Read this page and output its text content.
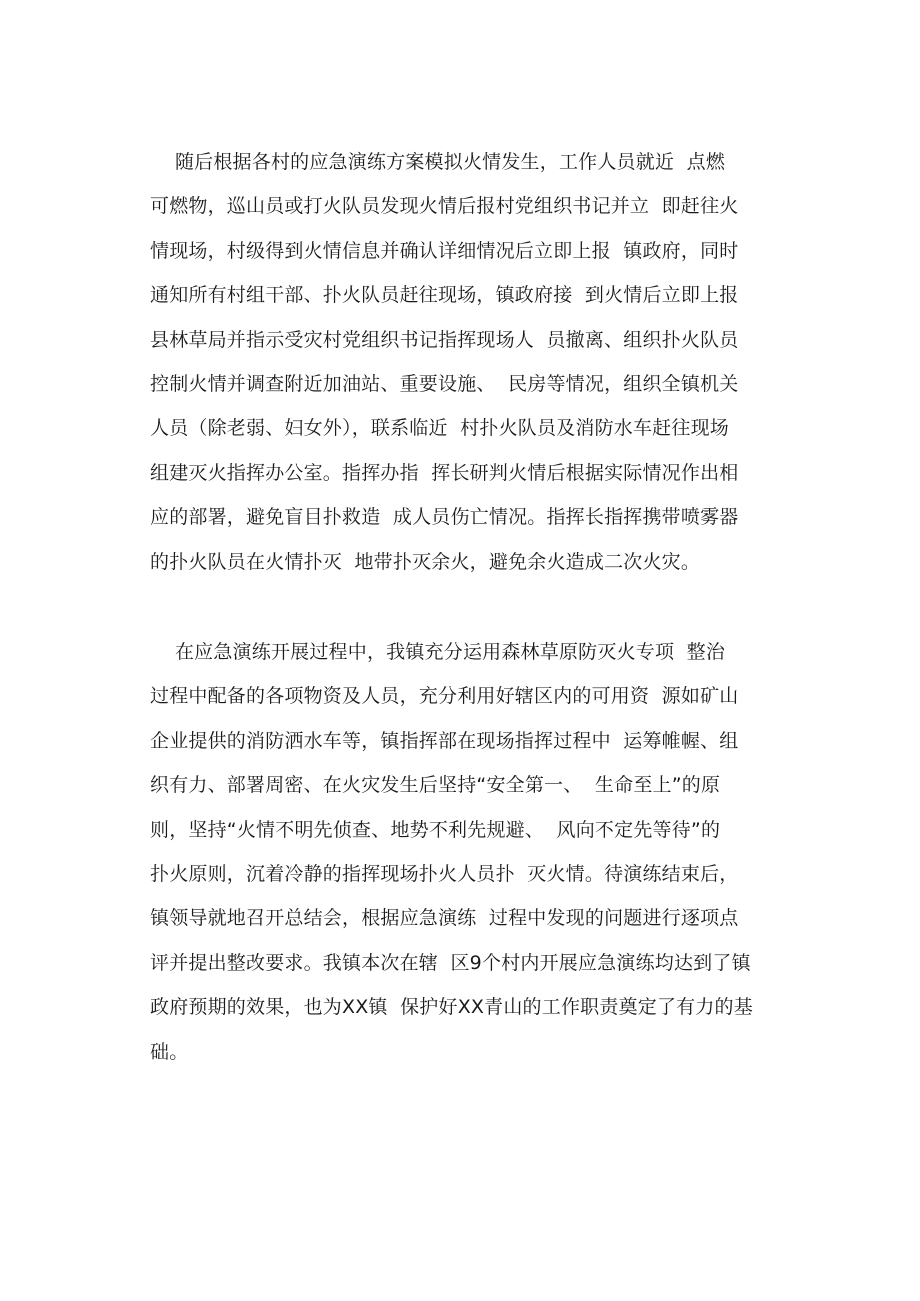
随后根据各村的应急演练方案模拟火情发生，工作人员就近  点燃
可燃物，巡山员或打火队员发现火情后报村党组织书记并立  即赶往火
情现场，村级得到火情信息并确认详细情况后立即上报  镇政府，同时
通知所有村组干部、扑火队员赶往现场，镇政府接  到火情后立即上报
县林草局并指示受灾村党组织书记指挥现场人  员撤离、组织扑火队员
控制火情并调查附近加油站、重要设施、  民房等情况，组织全镇机关
人员（除老弱、妇女外），联系临近  村扑火队员及消防水车赶往现场
组建灭火指挥办公室。指挥办指  挥长研判火情后根据实际情况作出相
应的部署，避免盲目扑救造  成人员伤亡情况。指挥长指挥携带喷雾器
的扑火队员在火情扑灭  地带扑灭余火，避免余火造成二次火灾。
在应急演练开展过程中，我镇充分运用森林草原防灭火专项  整治
过程中配备的各项物资及人员，充分利用好辖区内的可用资  源如矿山
企业提供的消防洒水车等，镇指挥部在现场指挥过程中  运筹帷幄、组
织有力、部署周密、在火灾发生后坚持“安全第一、  生命至上”的原
则，坚持“火情不明先侦查、地势不利先规避、  风向不定先等待”的
扑火原则，沉着冷静的指挥现场扑火人员扑  灭火情。待演练结束后，
镇领导就地召开总结会，根据应急演练  过程中发现的问题进行逐项点
评并提出整改要求。我镇本次在辖  区9个村内开展应急演练均达到了镇
政府预期的效果，也为XX镇  保护好XX青山的工作职责奠定了有力的基
础。
